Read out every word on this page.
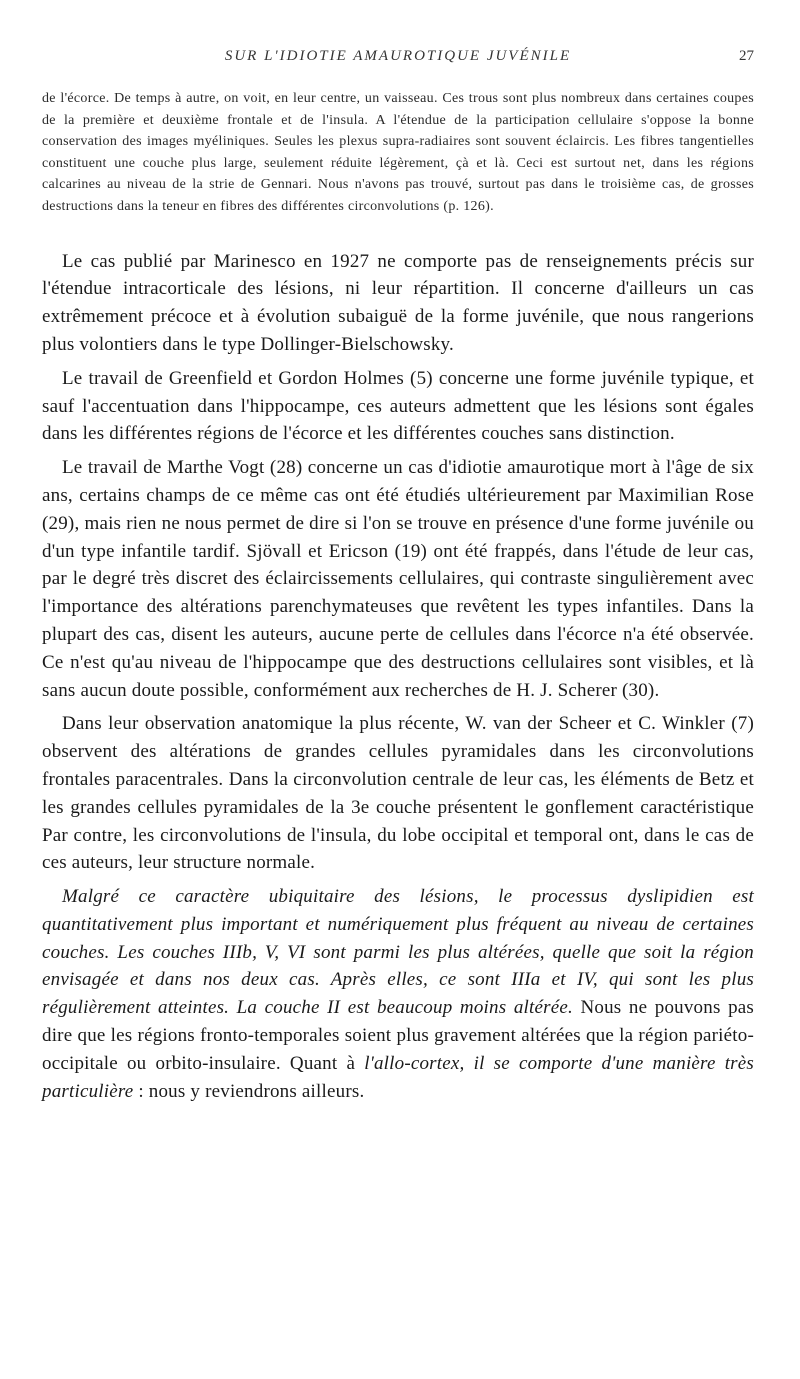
SUR L'IDIOTIE AMAUROTIQUE JUVÉNILE	27

de l'écorce. De temps à autre, on voit, en leur centre, un vaisseau. Ces trous sont plus nombreux dans certaines coupes de la première et deuxième frontale et de l'insula. A l'étendue de la participation cellulaire s'oppose la bonne conservation des images myéliniques. Seules les plexus supra-radiaires sont souvent éclaircis. Les fibres tangentielles constituent une couche plus large, seulement réduite légèrement, çà et là. Ceci est surtout net, dans les régions calcarines au niveau de la strie de Gennari. Nous n'avons pas trouvé, surtout pas dans le troisième cas, de grosses destructions dans la teneur en fibres des différentes circonvolutions (p. 126).

Le cas publié par Marinesco en 1927 ne comporte pas de renseignements précis sur l'étendue intracorticale des lésions, ni leur répartition. Il concerne d'ailleurs un cas extrêmement précoce et à évolution subaiguë de la forme juvénile, que nous rangerions plus volontiers dans le type Dollinger-Bielschowsky.

Le travail de Greenfield et Gordon Holmes (5) concerne une forme juvénile typique, et sauf l'accentuation dans l'hippocampe, ces auteurs admettent que les lésions sont égales dans les différentes régions de l'écorce et les différentes couches sans distinction.

Le travail de Marthe Vogt (28) concerne un cas d'idiotie amaurotique mort à l'âge de six ans, certains champs de ce même cas ont été étudiés ultérieurement par Maximilian Rose (29), mais rien ne nous permet de dire si l'on se trouve en présence d'une forme juvénile ou d'un type infantile tardif. Sjövall et Ericson (19) ont été frappés, dans l'étude de leur cas, par le degré très discret des éclaircissements cellulaires, qui contraste singulièrement avec l'importance des altérations parenchymateuses que revêtent les types infantiles. Dans la plupart des cas, disent les auteurs, aucune perte de cellules dans l'écorce n'a été observée. Ce n'est qu'au niveau de l'hippocampe que des destructions cellulaires sont visibles, et là sans aucun doute possible, conformément aux recherches de H. J. Scherer (30).

Dans leur observation anatomique la plus récente, W. van der Scheer et C. Winkler (7) observent des altérations de grandes cellules pyramidales dans les circonvolutions frontales paracentrales. Dans la circonvolution centrale de leur cas, les éléments de Betz et les grandes cellules pyramidales de la 3e couche présentent le gonflement caractéristique Par contre, les circonvolutions de l'insula, du lobe occipital et temporal ont, dans le cas de ces auteurs, leur structure normale.

Malgré ce caractère ubiquitaire des lésions, le processus dyslipidien est quantitativement plus important et numériquement plus fréquent au niveau de certaines couches. Les couches IIIb, V, VI sont parmi les plus altérées, quelle que soit la région envisagée et dans nos deux cas. Après elles, ce sont IIIa et IV, qui sont les plus régulièrement atteintes. La couche II est beaucoup moins altérée. Nous ne pouvons pas dire que les régions fronto-temporales soient plus gravement altérées que la région pariéto-occipitale ou orbito-insulaire. Quant à l'allo-cortex, il se comporte d'une manière très particulière : nous y reviendrons ailleurs.
